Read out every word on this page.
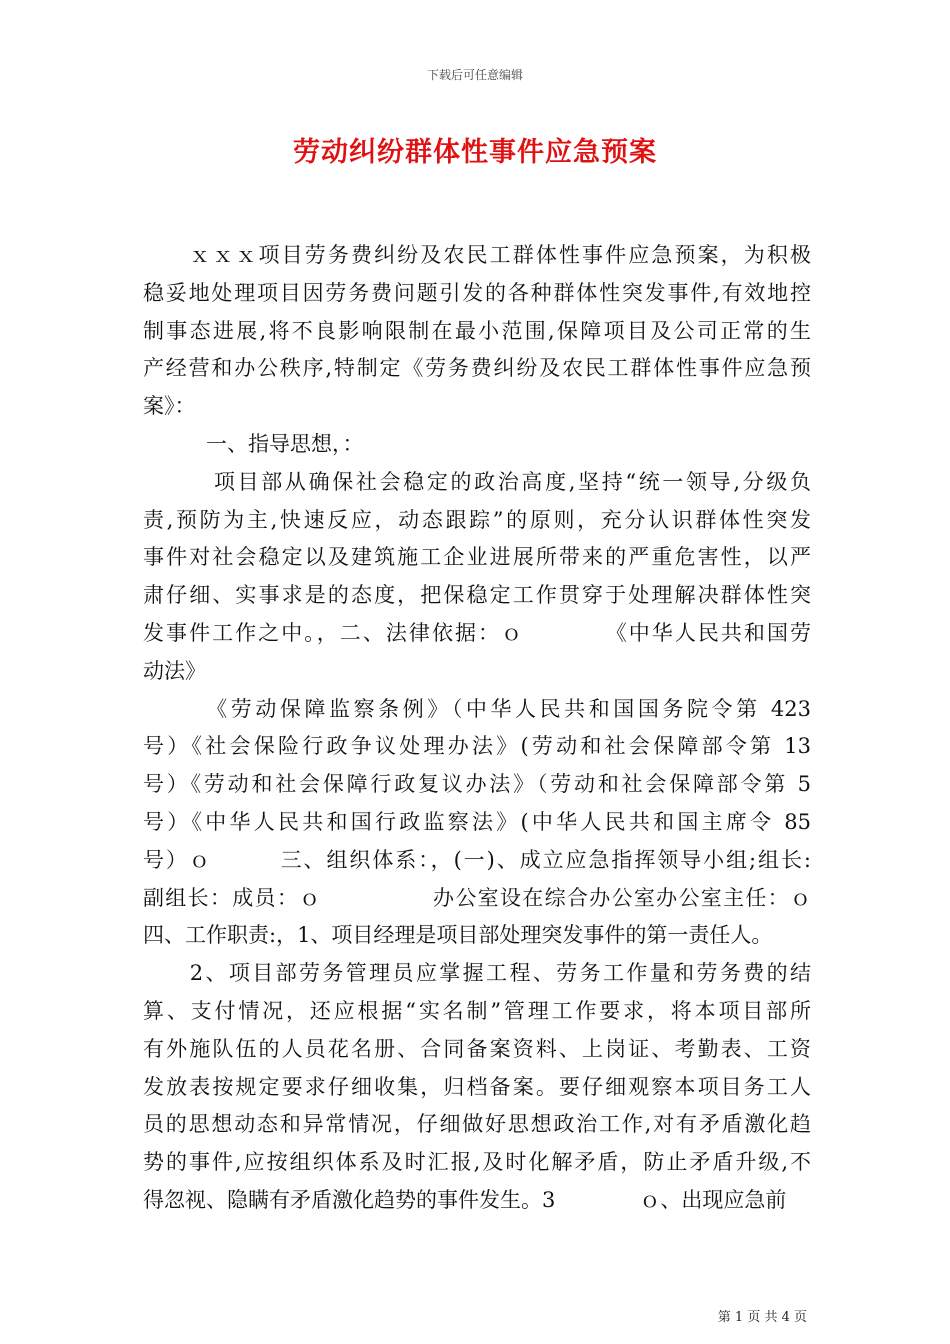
下载后可任意编辑
劳动纠纷群体性事件应急预案
　　ｘｘｘ项目劳务费纠纷及农民工群体性事件应急预案，为积极
稳妥地处理项目因劳务费问题引发的各种群体性突发事件,有效地控
制事态进展,将不良影响限制在最小范围,保障项目及公司正常的生
产经营和办公秩序,特制定《劳务费纠纷及农民工群体性事件应急预
案》：
　　　一、指导思想，：
　　　项目部从确保社会稳定的政治高度,坚持“统一领导,分级负
责,预防为主,快速反应，动态跟踪”的原则，充分认识群体性突发
事件对社会稳定以及建筑施工企业进展所带来的严重危害性，以严
肃仔细、实事求是的态度，把保稳定工作贯穿于处理解决群体性突
发事件工作之中。，二、法律依据：ｏ　　　　《中华人民共和国劳
动法》
　　　《劳动保障监察条例》（中华人民共和国国务院令第 423
号）《社会保险行政争议处理办法》(劳动和社会保障部令第 13
号）《劳动和社会保障行政复议办法》（劳动和社会保障部令第 5
号）《中华人民共和国行政监察法》(中华人民共和国主席令 85
号）ｏ　　　三、组织体系：，(一)、成立应急指挥领导小组;组长:
副组长：成员：ｏ　　　　　办公室设在综合办公室办公室主任：ｏ
四、工作职责:，1、项目经理是项目部处理突发事件的第一责任人。
　　2、项目部劳务管理员应掌握工程、劳务工作量和劳务费的结
算、支付情况，还应根据“实名制”管理工作要求，将本项目部所
有外施队伍的人员花名册、合同备案资料、上岗证、考勤表、工资
发放表按规定要求仔细收集，归档备案。要仔细观察本项目务工人
员的思想动态和异常情况，仔细做好思想政治工作,对有矛盾激化趋
势的事件,应按组织体系及时汇报,及时化解矛盾，防止矛盾升级,不
得忽视、隐瞒有矛盾激化趋势的事件发生。3　　　　ｏ、出现应急前
第 1 页 共 4 页
